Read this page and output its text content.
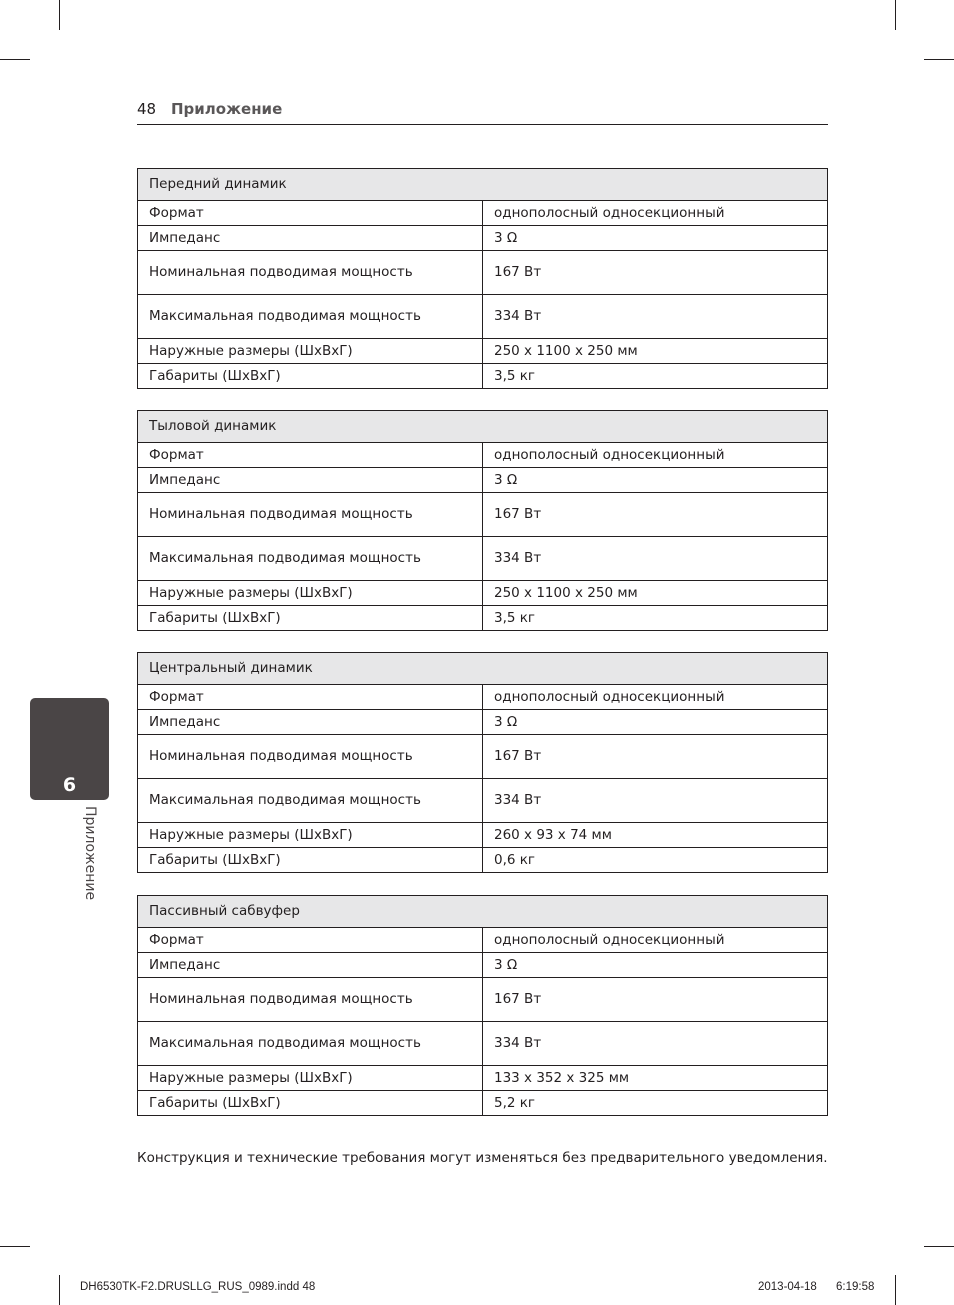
48 Приложение
6
Приложение
Передний динамик	
Формат	однополосный односекционный
Импеданс	3 Ω
Номинальная подводимая мощность	167 Вт
Максимальная подводимая мощность	334 Вт
Наружные размеры (ШхВхГ)	250 x 1100 x 250 мм
Габариты (ШхВхГ)	3,5 кг
Тыловой динамик	
Формат	однополосный односекционный
Импеданс	3 Ω
Номинальная подводимая мощность	167 Вт
Максимальная подводимая мощность	334 Вт
Наружные размеры (ШхВхГ)	250 x 1100 x 250 мм
Габариты (ШхВхГ)	3,5 кг
Центральный динамик	
Формат	однополосный односекционный
Импеданс	3 Ω
Номинальная подводимая мощность	167 Вт
Максимальная подводимая мощность	334 Вт
Наружные размеры (ШхВхГ)	260 x 93 x 74 мм
Габариты (ШхВхГ)	0,6 кг
Пассивный сабвуфер	
Формат	однополосный односекционный
Импеданс	3 Ω
Номинальная подводимая мощность	167 Вт
Максимальная подводимая мощность	334 Вт
Наружные размеры (ШхВхГ)	133 x 352 x 325 мм
Габариты (ШхВхГ)	5,2 кг
Конструкция и технические требования могут изменяться без предварительного уведомления.
DH6530TK-F2.DRUSLLG_RUS_0989.indd 48	2013-04-18 6:19:58
